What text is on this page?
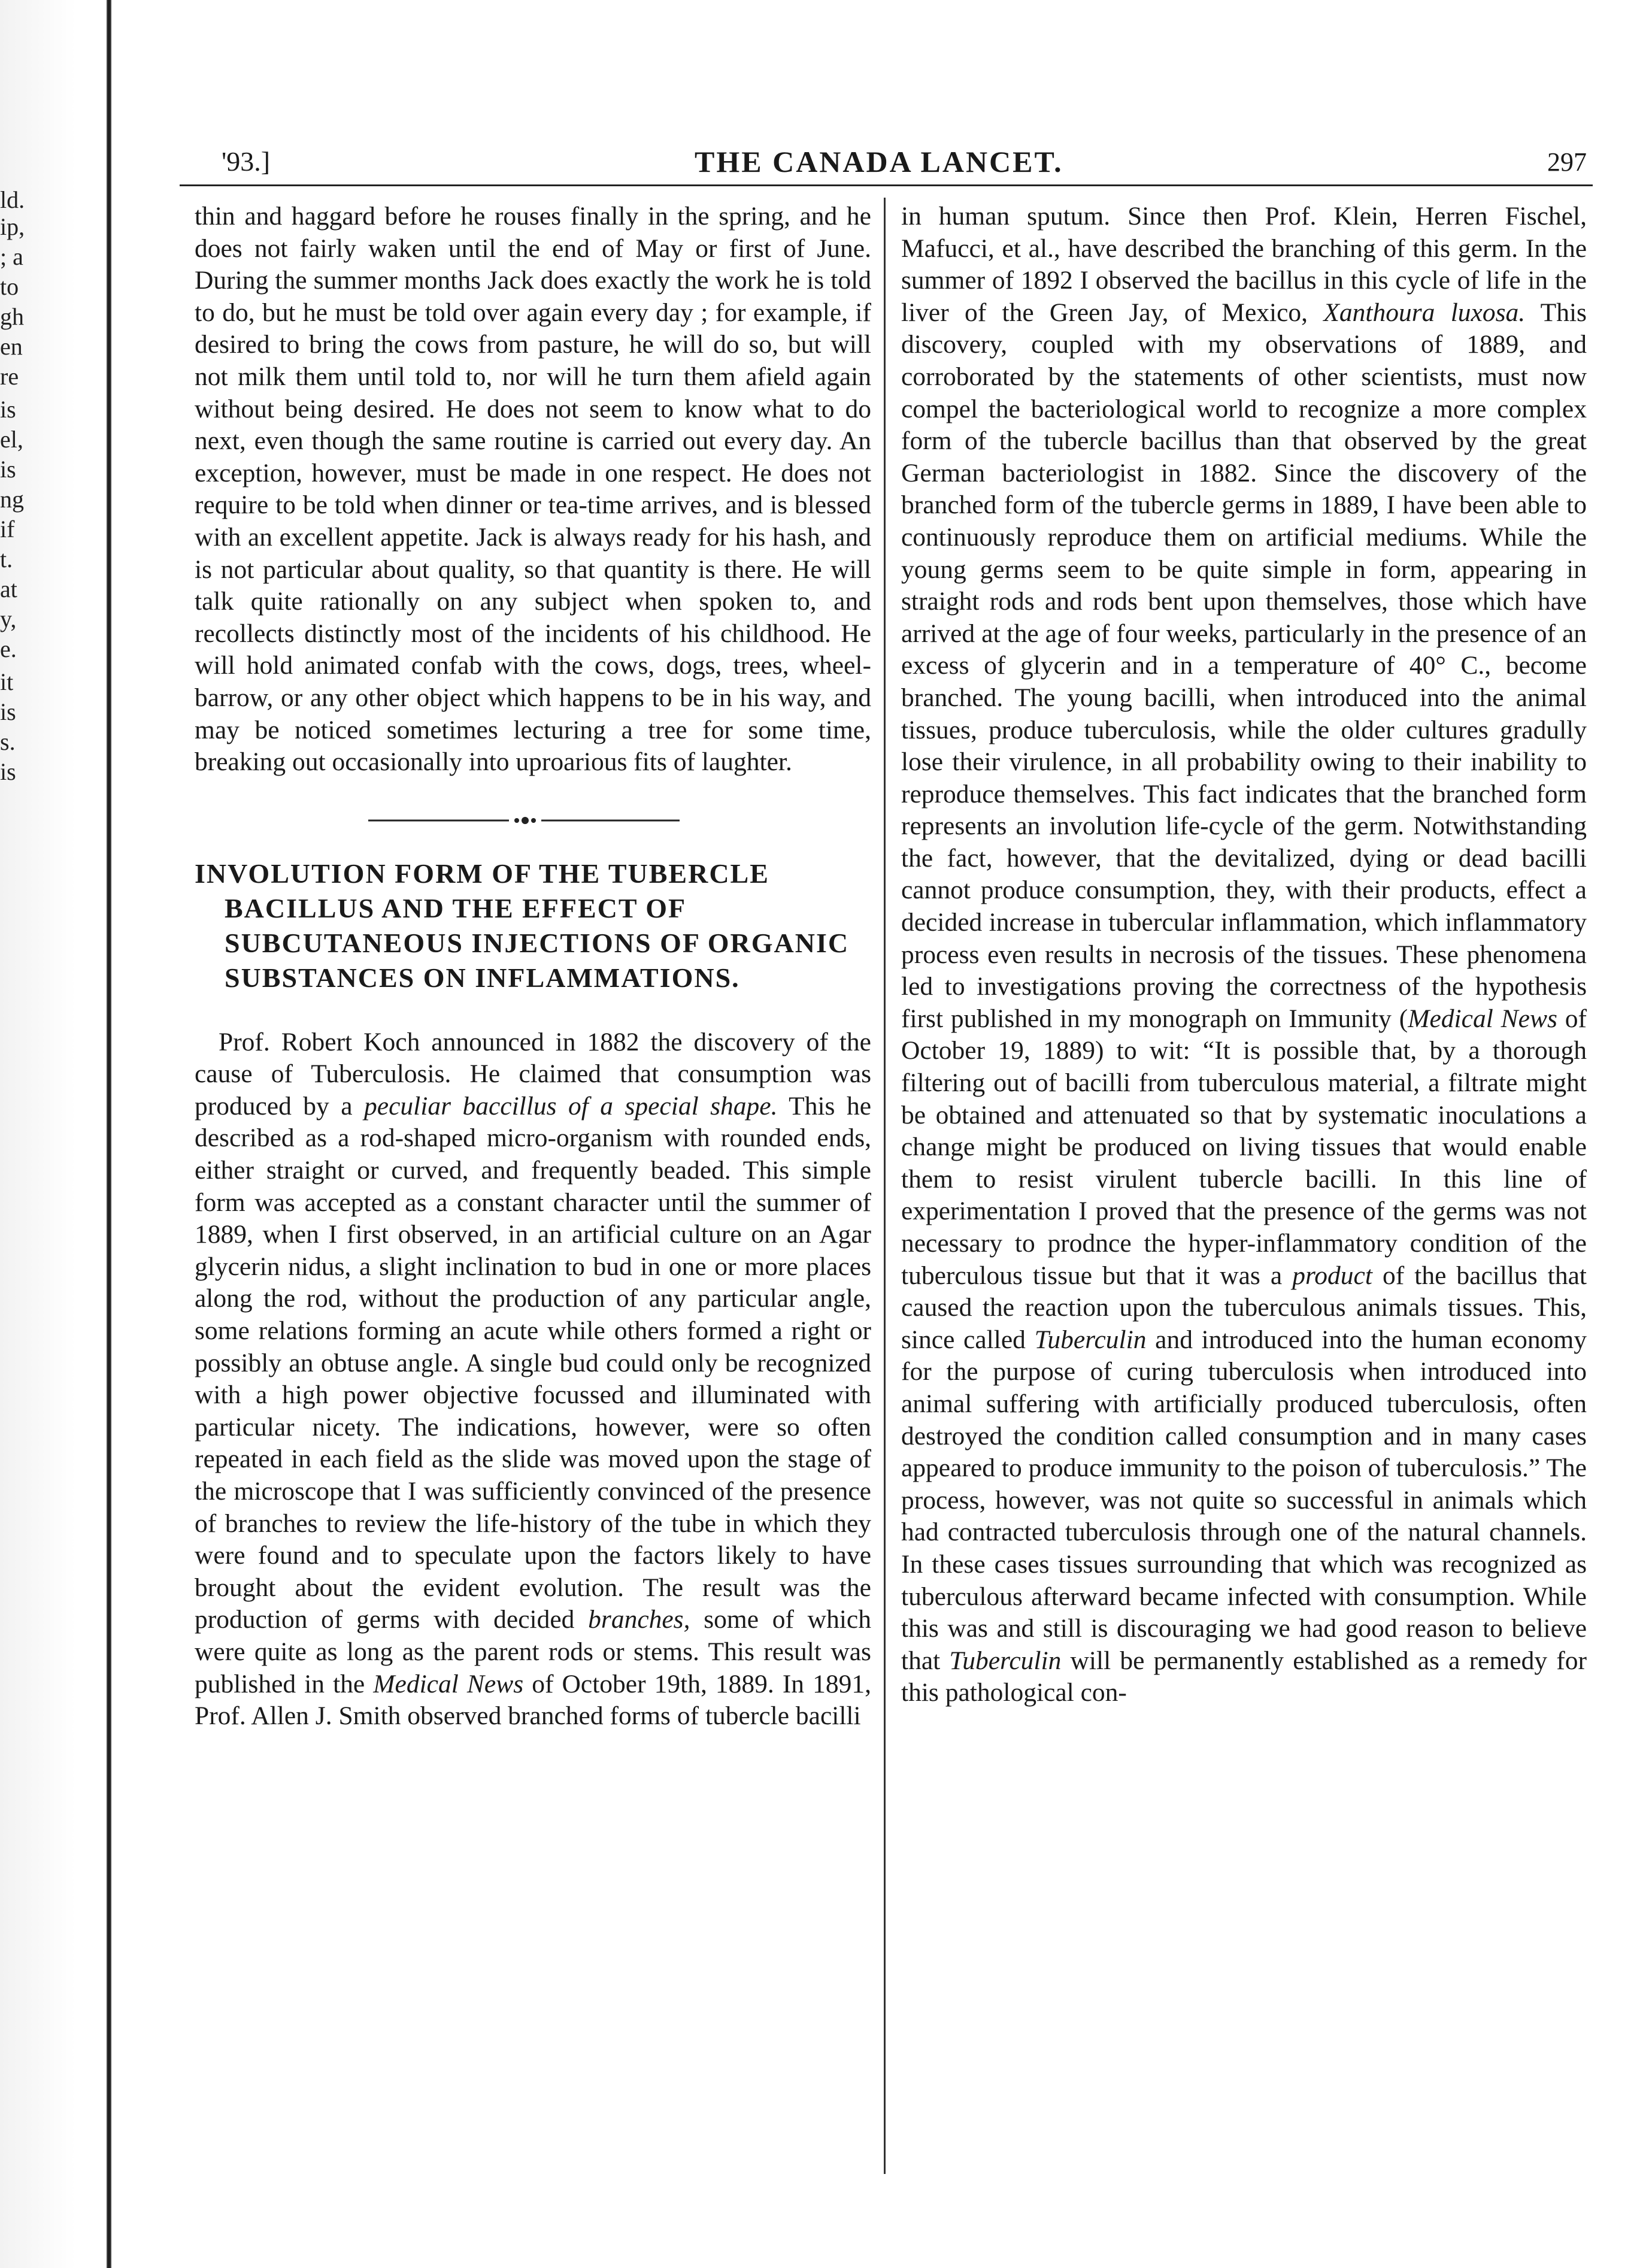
ld.
ip,
; a
to
gh
en
re
is
el,
is
ng
if
t.
at
y,
e.
it
is
s.
is
'93.]	THE CANADA LANCET.	297

thin and haggard before he rouses finally in the spring, and he does not fairly waken until the end of May or first of June. During the summer months Jack does exactly the work he is told to do, but he must be told over again every day ; for example, if desired to bring the cows from pasture, he will do so, but will not milk them until told to, nor will he turn them afield again without being desired. He does not seem to know what to do next, even though the same routine is carried out every day. An exception, however, must be made in one respect. He does not require to be told when dinner or tea-time arrives, and is blessed with an excellent appetite. Jack is always ready for his hash, and is not particular about quality, so that quantity is there. He will talk quite rationally on any subject when spoken to, and recollects distinctly most of the incidents of his childhood. He will hold animated confab with the cows, dogs, trees, wheel-barrow, or any other object which happens to be in his way, and may be noticed sometimes lecturing a tree for some time, breaking out occasionally into uproarious fits of laughter.

INVOLUTION FORM OF THE TUBERCLE
BACILLUS AND THE EFFECT OF SUBCUTANEOUS INJECTIONS OF ORGANIC SUBSTANCES ON INFLAMMATIONS.

Prof. Robert Koch announced in 1882 the discovery of the cause of Tuberculosis. He claimed that consumption was produced by a peculiar baccillus of a special shape. This he described as a rod-shaped micro-organism with rounded ends, either straight or curved, and frequently beaded. This simple form was accepted as a constant character until the summer of 1889, when I first observed, in an artificial culture on an Agar glycerin nidus, a slight inclination to bud in one or more places along the rod, without the production of any particular angle, some relations forming an acute while others formed a right or possibly an obtuse angle. A single bud could only be recognized with a high power objective focussed and illuminated with particular nicety. The indications, however, were so often repeated in each field as the slide was moved upon the stage of the microscope that I was sufficiently convinced of the presence of branches to review the life-history of the tube in which they were found and to speculate upon the factors likely to have brought about the evident evolution. The result was the production of germs with decided branches, some of which were quite as long as the parent rods or stems. This result was published in the Medical News of October 19th, 1889. In 1891, Prof. Allen J. Smith observed branched forms of tubercle bacilli

in human sputum. Since then Prof. Klein, Herren Fischel, Mafucci, et al., have described the branching of this germ. In the summer of 1892 I observed the bacillus in this cycle of life in the liver of the Green Jay, of Mexico, Xanthoura luxosa. This discovery, coupled with my observations of 1889, and corroborated by the statements of other scientists, must now compel the bacteriological world to recognize a more complex form of the tubercle bacillus than that observed by the great German bacteriologist in 1882. Since the discovery of the branched form of the tubercle germs in 1889, I have been able to continuously reproduce them on artificial mediums. While the young germs seem to be quite simple in form, appearing in straight rods and rods bent upon themselves, those which have arrived at the age of four weeks, particularly in the presence of an excess of glycerin and in a temperature of 40° C., become branched. The young bacilli, when introduced into the animal tissues, produce tuberculosis, while the older cultures gradully lose their virulence, in all probability owing to their inability to reproduce themselves. This fact indicates that the branched form represents an involution life-cycle of the germ. Notwithstanding the fact, however, that the devitalized, dying or dead bacilli cannot produce consumption, they, with their products, effect a decided increase in tubercular inflammation, which inflammatory process even results in necrosis of the tissues. These phenomena led to investigations proving the correctness of the hypothesis first published in my monograph on Immunity (Medical News of October 19, 1889) to wit: “It is possible that, by a thorough filtering out of bacilli from tuberculous material, a filtrate might be obtained and attenuated so that by systematic inoculations a change might be produced on living tissues that would enable them to resist virulent tubercle bacilli. In this line of experimentation I proved that the presence of the germs was not necessary to prodnce the hyper-inflammatory condition of the tuberculous tissue but that it was a product of the bacillus that caused the reaction upon the tuberculous animals tissues. This, since called Tuberculin and introduced into the human economy for the purpose of curing tuberculosis when introduced into animal suffering with artificially produced tuberculosis, often destroyed the condition called consumption and in many cases appeared to produce immunity to the poison of tuberculosis.” The process, however, was not quite so successful in animals which had contracted tuberculosis through one of the natural channels. In these cases tissues surrounding that which was recognized as tuberculous afterward became infected with consumption. While this was and still is discouraging we had good reason to believe that Tuberculin will be permanently established as a remedy for this pathological con-
